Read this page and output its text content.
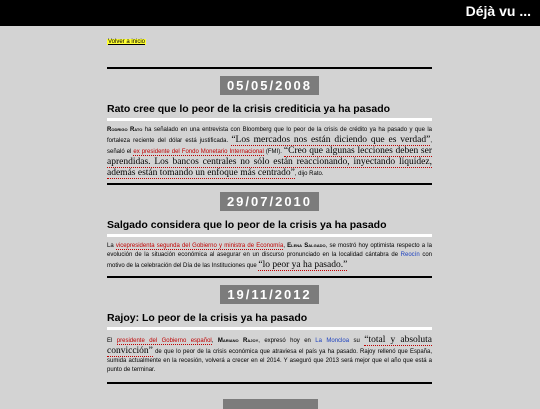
Déjà vu ...
Volver a inicio
05/05/2008
Rato cree que lo peor de la crisis crediticia ya ha pasado
Rodrigo Rato ha señalado en una entrevista con Bloomberg que lo peor de la crisis de crédito ya ha pasado y que la fortaleza reciente del dólar está justificada. “Los mercados nos están diciendo que es verdad”, señaló el ex presidente del Fondo Monetario Internacional (FMI). “Creo que algunas lecciones deben ser aprendidas. Los bancos centrales no sólo están reaccionando, inyectando liquidez, además están tomando un enfoque más centrado”, dijo Rato.
29/07/2010
Salgado considera que lo peor de la crisis ya ha pasado
La vicepresidenta segunda del Gobierno y ministra de Economía, Elena Salgado, se mostró hoy optimista respecto a la evolución de la situación económica al asegurar en un discurso pronunciado en la localidad cántabra de Reocín con motivo de la celebración del Día de las Instituciones que “lo peor ya ha pasado.”
19/11/2012
Rajoy: Lo peor de la crisis ya ha pasado
El presidente del Gobierno español, Mariano Rajoy, expresó hoy en La Moncloa su “total y absoluta convicción” de que lo peor de la crisis económica que atraviesa el país ya ha pasado. Rajoy rellenó que España, sumida actualmente en la recesión, volverá a crecer en el 2014. Y aseguró que 2013 será mejor que el año que está a punto de terminar.
